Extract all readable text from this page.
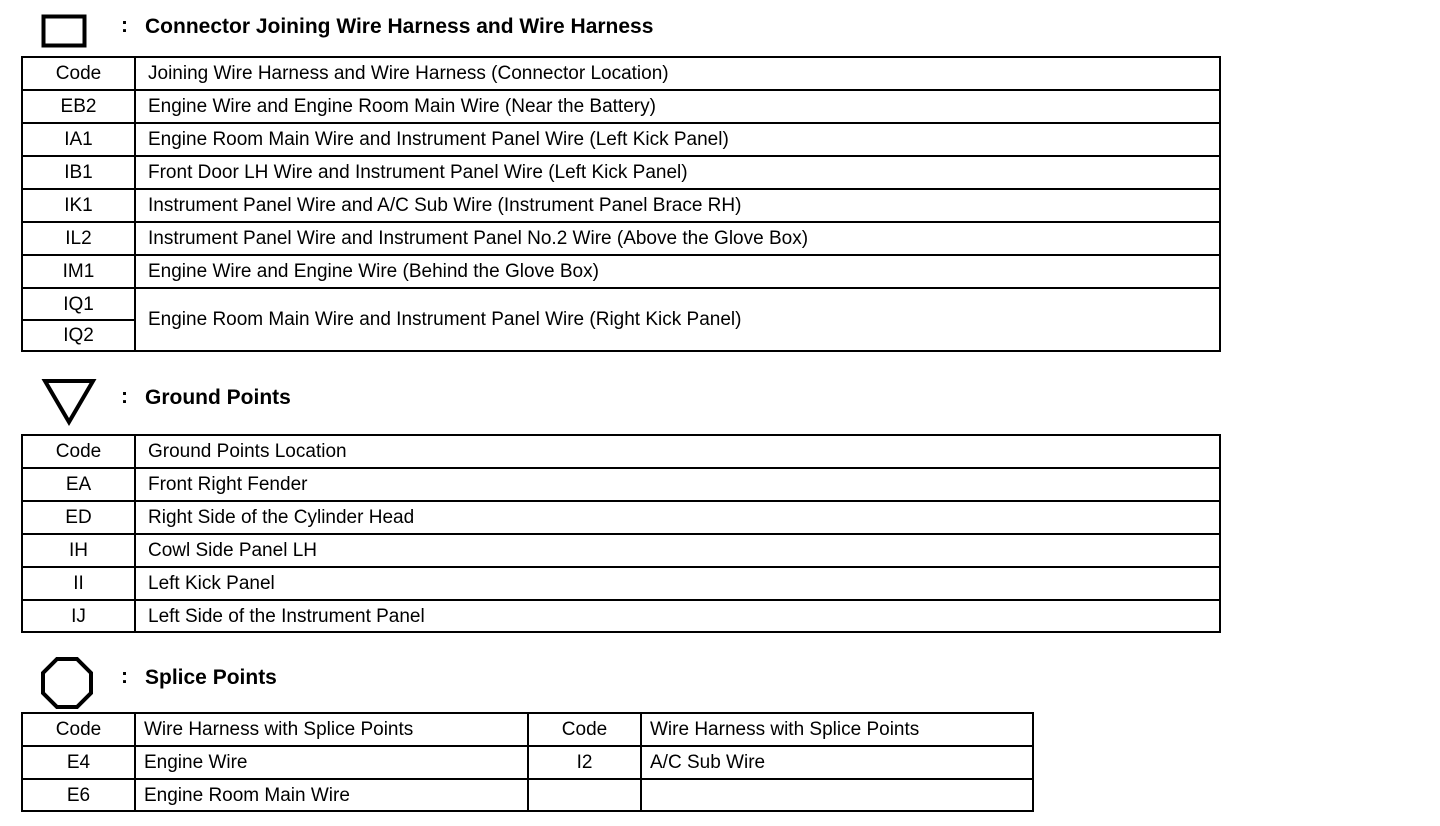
: Connector Joining Wire Harness and Wire Harness
Code	Joining Wire Harness and Wire Harness (Connector Location)
EB2	Engine Wire and Engine Room Main Wire (Near the Battery)
IA1	Engine Room Main Wire and Instrument Panel Wire (Left Kick Panel)
IB1	Front Door LH Wire and Instrument Panel Wire (Left Kick Panel)
IK1	Instrument Panel Wire and A/C Sub Wire (Instrument Panel Brace RH)
IL2	Instrument Panel Wire and Instrument Panel No.2 Wire (Above the Glove Box)
IM1	Engine Wire and Engine Wire (Behind the Glove Box)
IQ1	Engine Room Main Wire and Instrument Panel Wire (Right Kick Panel)
IQ2	
: Ground Points
Code	Ground Points Location
EA	Front Right Fender
ED	Right Side of the Cylinder Head
IH	Cowl Side Panel LH
II	Left Kick Panel
IJ	Left Side of the Instrument Panel
: Splice Points
Code	Wire Harness with Splice Points	Code	Wire Harness with Splice Points
E4	Engine Wire	I2	A/C Sub Wire
E6	Engine Room Main Wire		
